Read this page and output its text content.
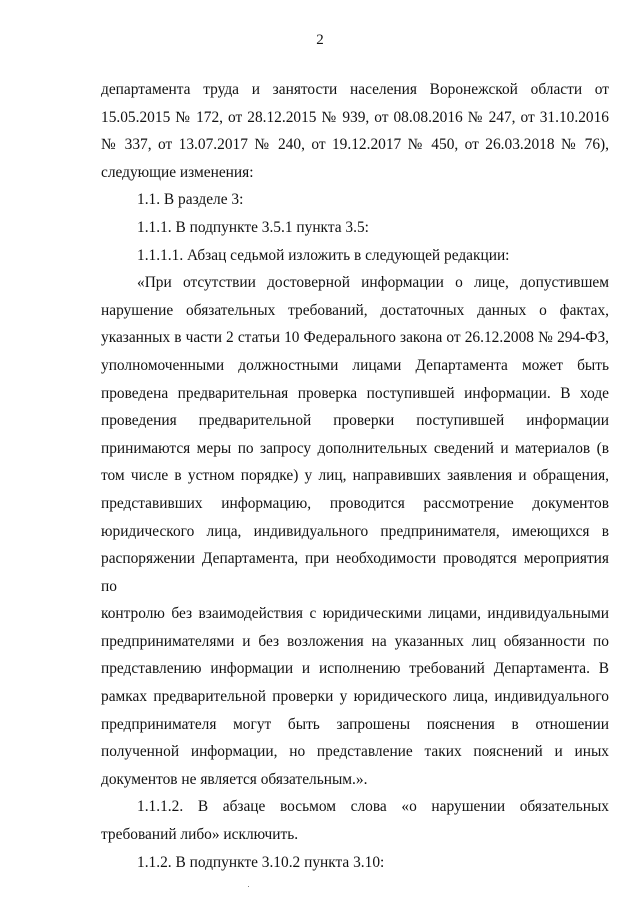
2

департамента труда и занятости населения Воронежской области от

15.05.2015 № 172, от 28.12.2015 № 939, от 08.08.2016 № 247, от 31.10.2016

№ 337, от 13.07.2017 № 240, от 19.12.2017 № 450, от 26.03.2018 № 76),

следующие изменения:

1.1. В разделе 3:

1.1.1. В подпункте 3.5.1 пункта 3.5:

1.1.1.1. Абзац седьмой изложить в следующей редакции:

«При отсутствии достоверной информации о лице, допустившем

нарушение обязательных требований, достаточных данных о фактах,

указанных в части 2 статьи 10 Федерального закона от 26.12.2008 № 294-ФЗ,

уполномоченными должностными лицами Департамента может быть

проведена предварительная проверка поступившей информации. В ходе

проведения предварительной проверки поступившей информации

принимаются меры по запросу дополнительных сведений и материалов (в

том числе в устном порядке) у лиц, направивших заявления и обращения,

представивших информацию, проводится рассмотрение документов

юридического лица, индивидуального предпринимателя, имеющихся в

распоряжении Департамента, при необходимости проводятся мероприятия по

контролю без взаимодействия с юридическими лицами, индивидуальными

предпринимателями и без возложения на указанных лиц обязанности по

представлению информации и исполнению требований Департамента. В

рамках предварительной проверки у юридического лица, индивидуального

предпринимателя могут быть запрошены пояснения в отношении

полученной информации, но представление таких пояснений и иных

документов не является обязательным.».

1.1.1.2. В абзаце восьмом слова «о нарушении обязательных

требований либо» исключить.

1.1.2. В подпункте 3.10.2 пункта 3.10:
